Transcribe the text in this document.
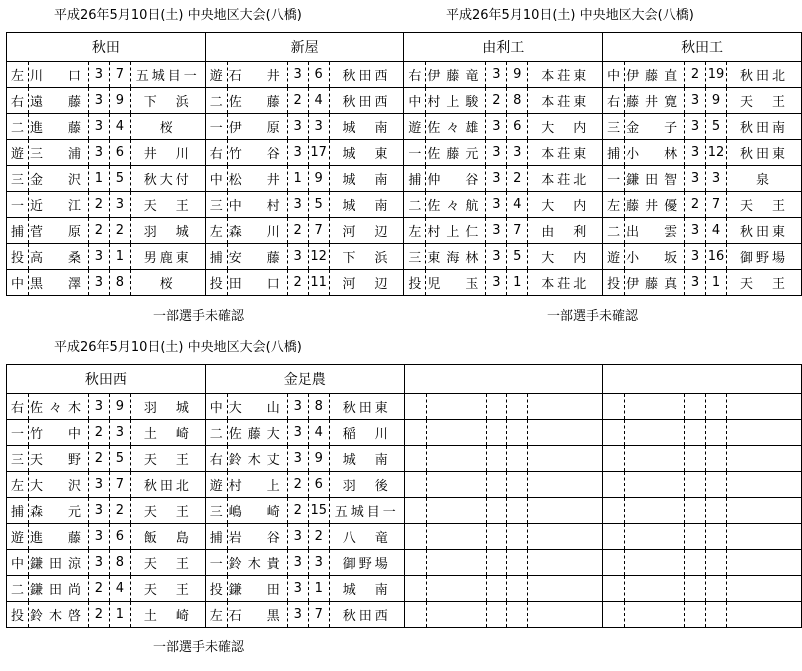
平成26年5月10日(土) 中央地区大会(八橋)	平成26年5月10日(土) 中央地区大会(八橋)
秋田					新屋					由利工					秋田工				
左	川　口	3	7	五城目一	遊	石　井	3	6	秋田西	右	伊藤竜	3	9	本荘東	中	伊藤直	2	19	秋田北
右	遠　藤	3	9	下　浜	二	佐　藤	2	4	秋田西	中	村上駿	2	8	本荘東	右	藤井寛	3	9	天　王
二	進　藤	3	4	桜	一	伊　原	3	3	城　南	遊	佐々雄	3	6	大　内	三	金　子	3	5	秋田南
遊	三　浦	3	6	井　川	右	竹　谷	3	17	城　東	一	佐藤元	3	3	本荘東	捕	小　林	3	12	秋田東
三	金　沢	1	5	秋大付	中	松　井	1	9	城　南	捕	仲　谷	3	2	本荘北	一	鎌田智	3	3	泉
一	近　江	2	3	天　王	三	中　村	3	5	城　南	二	佐々航	3	4	大　内	左	藤井優	2	7	天　王
捕	菅　原	2	2	羽　城	左	森　川	2	7	河　辺	左	村上仁	3	7	由　利	二	出　雲	3	4	秋田東
投	高　桑	3	1	男鹿東	捕	安　藤	3	12	下　浜	三	東海林	3	5	大　内	遊	小　坂	3	16	御野場
中	黒　澤	3	8	桜	投	田　口	2	11	河　辺	投	児　玉	3	1	本荘北	投	伊藤真	3	1	天　王
一部選手未確認	一部選手未確認
平成26年5月10日(土) 中央地区大会(八橋)
秋田西					金足農														
右	佐々木	3	9	羽　城	中	大　山	3	8	秋田東										
一	竹　中	2	3	土　崎	二	佐藤大	3	4	稲　川										
三	天　野	2	5	天　王	右	鈴木丈	3	9	城　南										
左	大　沢	3	7	秋田北	遊	村　上	2	6	羽　後										
捕	森　元	3	2	天　王	三	嶋　崎	2	15	五城目一										
遊	進　藤	3	6	飯　島	捕	岩　谷	3	2	八　竜										
中	鎌田涼	3	8	天　王	一	鈴木貴	3	3	御野場										
二	鎌田尚	2	4	天　王	投	鎌　田	3	1	城　南										
投	鈴木啓	2	1	土　崎	左	石　黒	3	7	秋田西										
一部選手未確認
